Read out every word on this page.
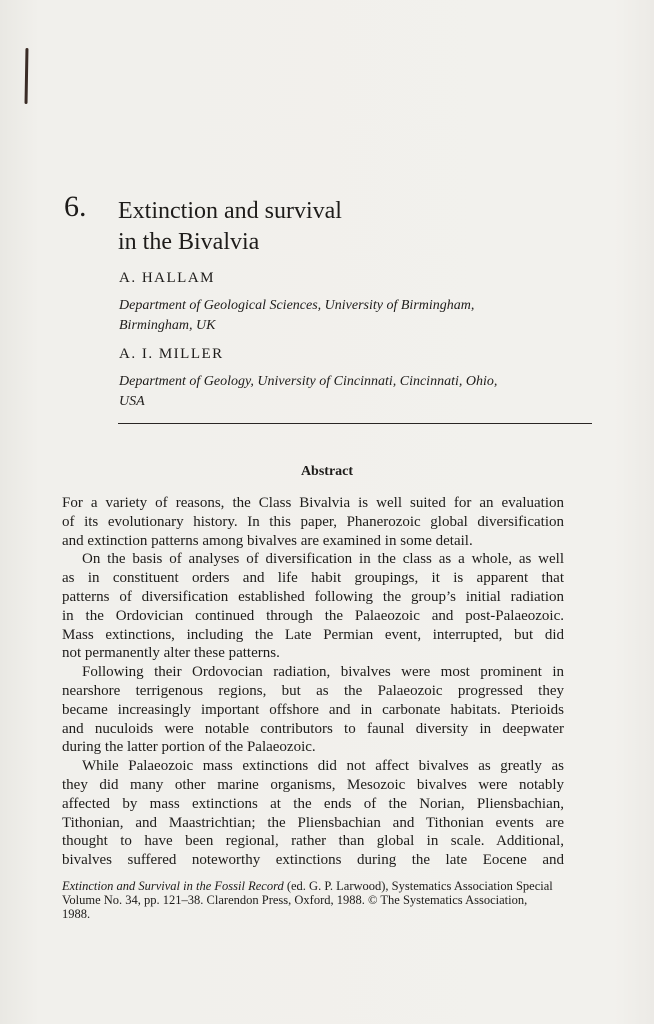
6.	Extinction and survival
in the Bivalvia
A. HALLAM
Department of Geological Sciences, University of Birmingham,
Birmingham, UK
A. I. MILLER
Department of Geology, University of Cincinnati, Cincinnati, Ohio,
USA
Abstract
For a variety of reasons, the Class Bivalvia is well suited for an evaluation
of its evolutionary history. In this paper, Phanerozoic global diversification
and extinction patterns among bivalves are examined in some detail.
On the basis of analyses of diversification in the class as a whole, as well
as in constituent orders and life habit groupings, it is apparent that
patterns of diversification established following the group’s initial radiation
in the Ordovician continued through the Palaeozoic and post-Palaeozoic.
Mass extinctions, including the Late Permian event, interrupted, but did
not permanently alter these patterns.
Following their Ordovocian radiation, bivalves were most prominent in
nearshore terrigenous regions, but as the Palaeozoic progressed they
became increasingly important offshore and in carbonate habitats. Pterioids
and nuculoids were notable contributors to faunal diversity in deepwater
during the latter portion of the Palaeozoic.
While Palaeozoic mass extinctions did not affect bivalves as greatly as
they did many other marine organisms, Mesozoic bivalves were notably
affected by mass extinctions at the ends of the Norian, Pliensbachian,
Tithonian, and Maastrichtian; the Pliensbachian and Tithonian events are
thought to have been regional, rather than global in scale. Additional,
bivalves suffered noteworthy extinctions during the late Eocene and
Extinction and Survival in the Fossil Record (ed. G. P. Larwood), Systematics Association Special
Volume No. 34, pp. 121–38. Clarendon Press, Oxford, 1988. © The Systematics Association,
1988.
